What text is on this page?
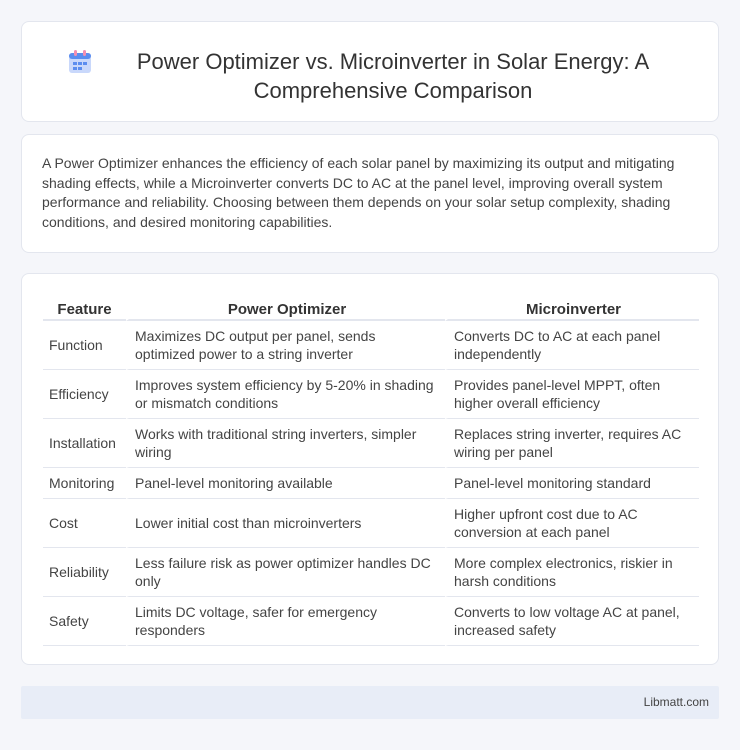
Power Optimizer vs. Microinverter in Solar Energy: A Comprehensive Comparison

A Power Optimizer enhances the efficiency of each solar panel by maximizing its output and mitigating shading effects, while a Microinverter converts DC to AC at the panel level, improving overall system performance and reliability. Choosing between them depends on your solar setup complexity, shading conditions, and desired monitoring capabilities.

Feature	Power Optimizer	Microinverter
Function	Maximizes DC output per panel, sends optimized power to a string inverter	Converts DC to AC at each panel independently
Efficiency	Improves system efficiency by 5-20% in shading or mismatch conditions	Provides panel-level MPPT, often higher overall efficiency
Installation	Works with traditional string inverters, simpler wiring	Replaces string inverter, requires AC wiring per panel
Monitoring	Panel-level monitoring available	Panel-level monitoring standard
Cost	Lower initial cost than microinverters	Higher upfront cost due to AC conversion at each panel
Reliability	Less failure risk as power optimizer handles DC only	More complex electronics, riskier in harsh conditions
Safety	Limits DC voltage, safer for emergency responders	Converts to low voltage AC at panel, increased safety
Libmatt.com
